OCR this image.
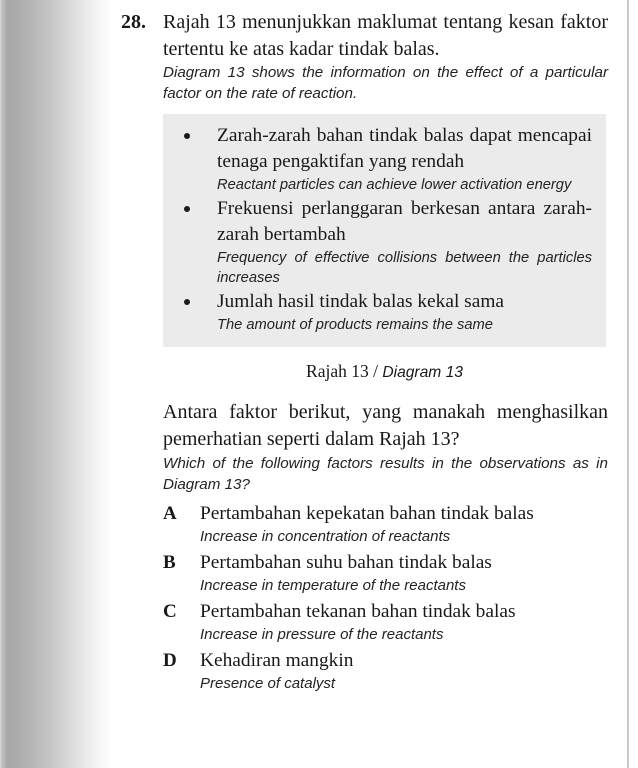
28. Rajah 13 menunjukkan maklumat tentang kesan faktor tertentu ke atas kadar tindak balas.

Diagram 13 shows the information on the effect of a particular factor on the rate of reaction.

Zarah-zarah bahan tindak balas dapat mencapai tenaga pengaktifan yang rendah

Reactant particles can achieve lower activation energy

Frekuensi perlanggaran berkesan antara zarah-zarah bertambah

Frequency of effective collisions between the particles increases

Jumlah hasil tindak balas kekal sama

The amount of products remains the same

Rajah 13 / Diagram 13

Antara faktor berikut, yang manakah menghasilkan pemerhatian seperti dalam Rajah 13?

Which of the following factors results in the observations as in Diagram 13?

A	Pertambahan kepekatan bahan tindak balas

Increase in concentration of reactants

B	Pertambahan suhu bahan tindak balas

Increase in temperature of the reactants

C	Pertambahan tekanan bahan tindak balas

Increase in pressure of the reactants

D	Kehadiran mangkin

Presence of catalyst
